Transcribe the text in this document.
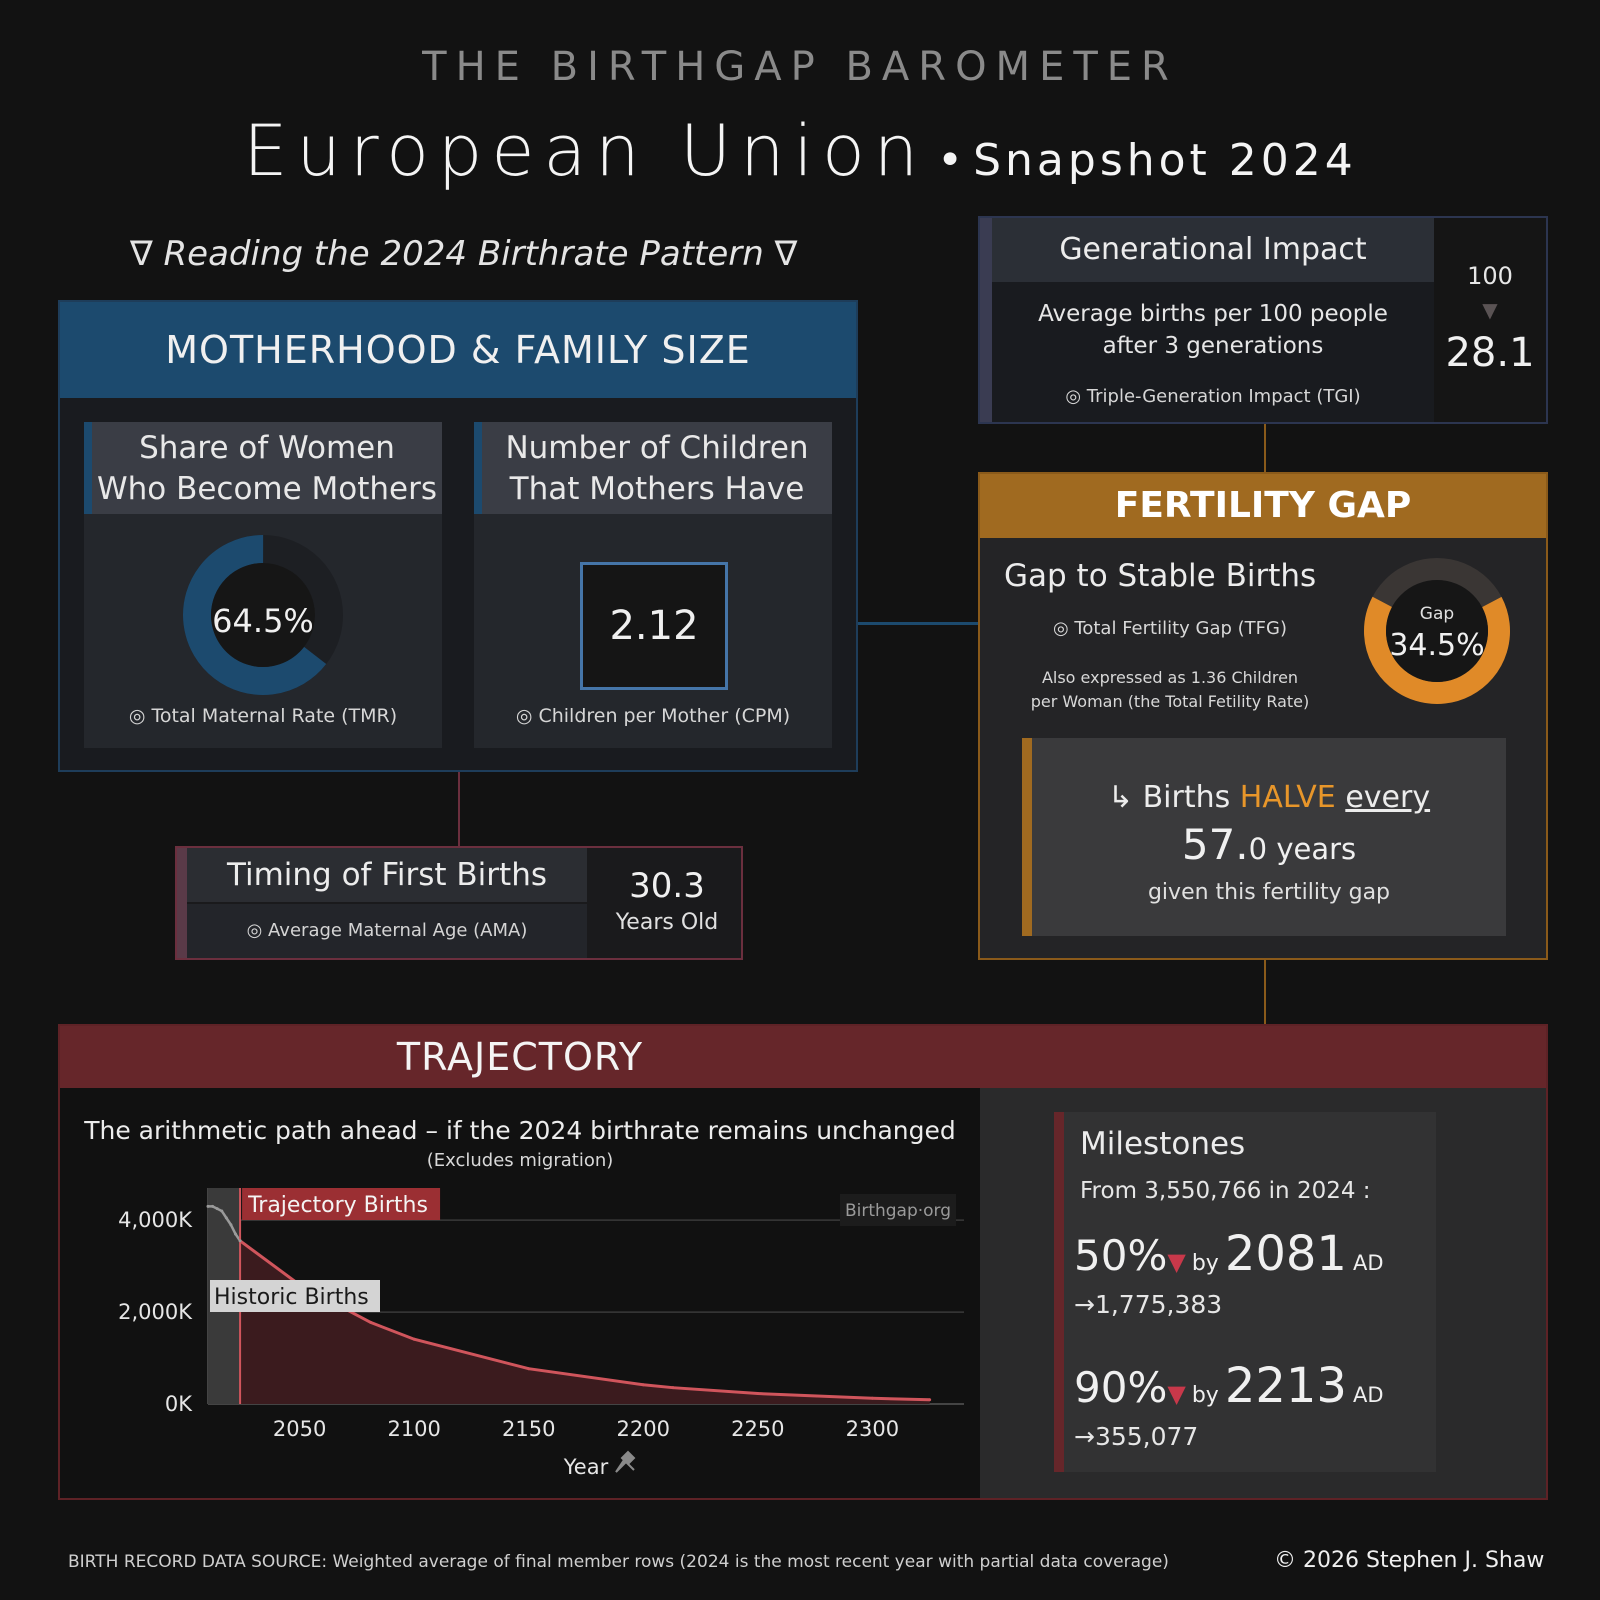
THE BIRTHGAP BAROMETER
European Union • Snapshot 2024
∇ Reading the 2024 Birthrate Pattern ∇
MOTHERHOOD & FAMILY SIZE
Share of Women
Who Become Mothers
64.5%
◎ Total Maternal Rate (TMR)
Number of Children
That Mothers Have
2.12
◎ Children per Mother (CPM)
Timing of First Births
◎ Average Maternal Age (AMA)
30.3
Years Old
Generational Impact
Average births per 100 people
after 3 generations
◎ Triple-Generation Impact (TGI)
100
▼
28.1
FERTILITY GAP
Gap to Stable Births
◎ Total Fertility Gap (TFG)
Also expressed as 1.36 Children
per Woman (the Total Fetility Rate)
Gap
34.5%
↳ Births HALVE every
57.0 years
given this fertility gap
TRAJECTORY
The arithmetic path ahead – if the 2024 birthrate remains unchanged
(Excludes migration)
0K
2,000K
4,000K
2050	2100	2150	2200	2250	2300
Year
Trajectory Births
Historic Births
Birthgap·org
Milestones
From 3,550,766 in 2024 :
50%▼ by 2081 AD
→1,775,383
90%▼ by 2213 AD
→355,077
BIRTH RECORD DATA SOURCE: Weighted average of final member rows (2024 is the most recent year with partial data coverage)	© 2026 Stephen J. Shaw
